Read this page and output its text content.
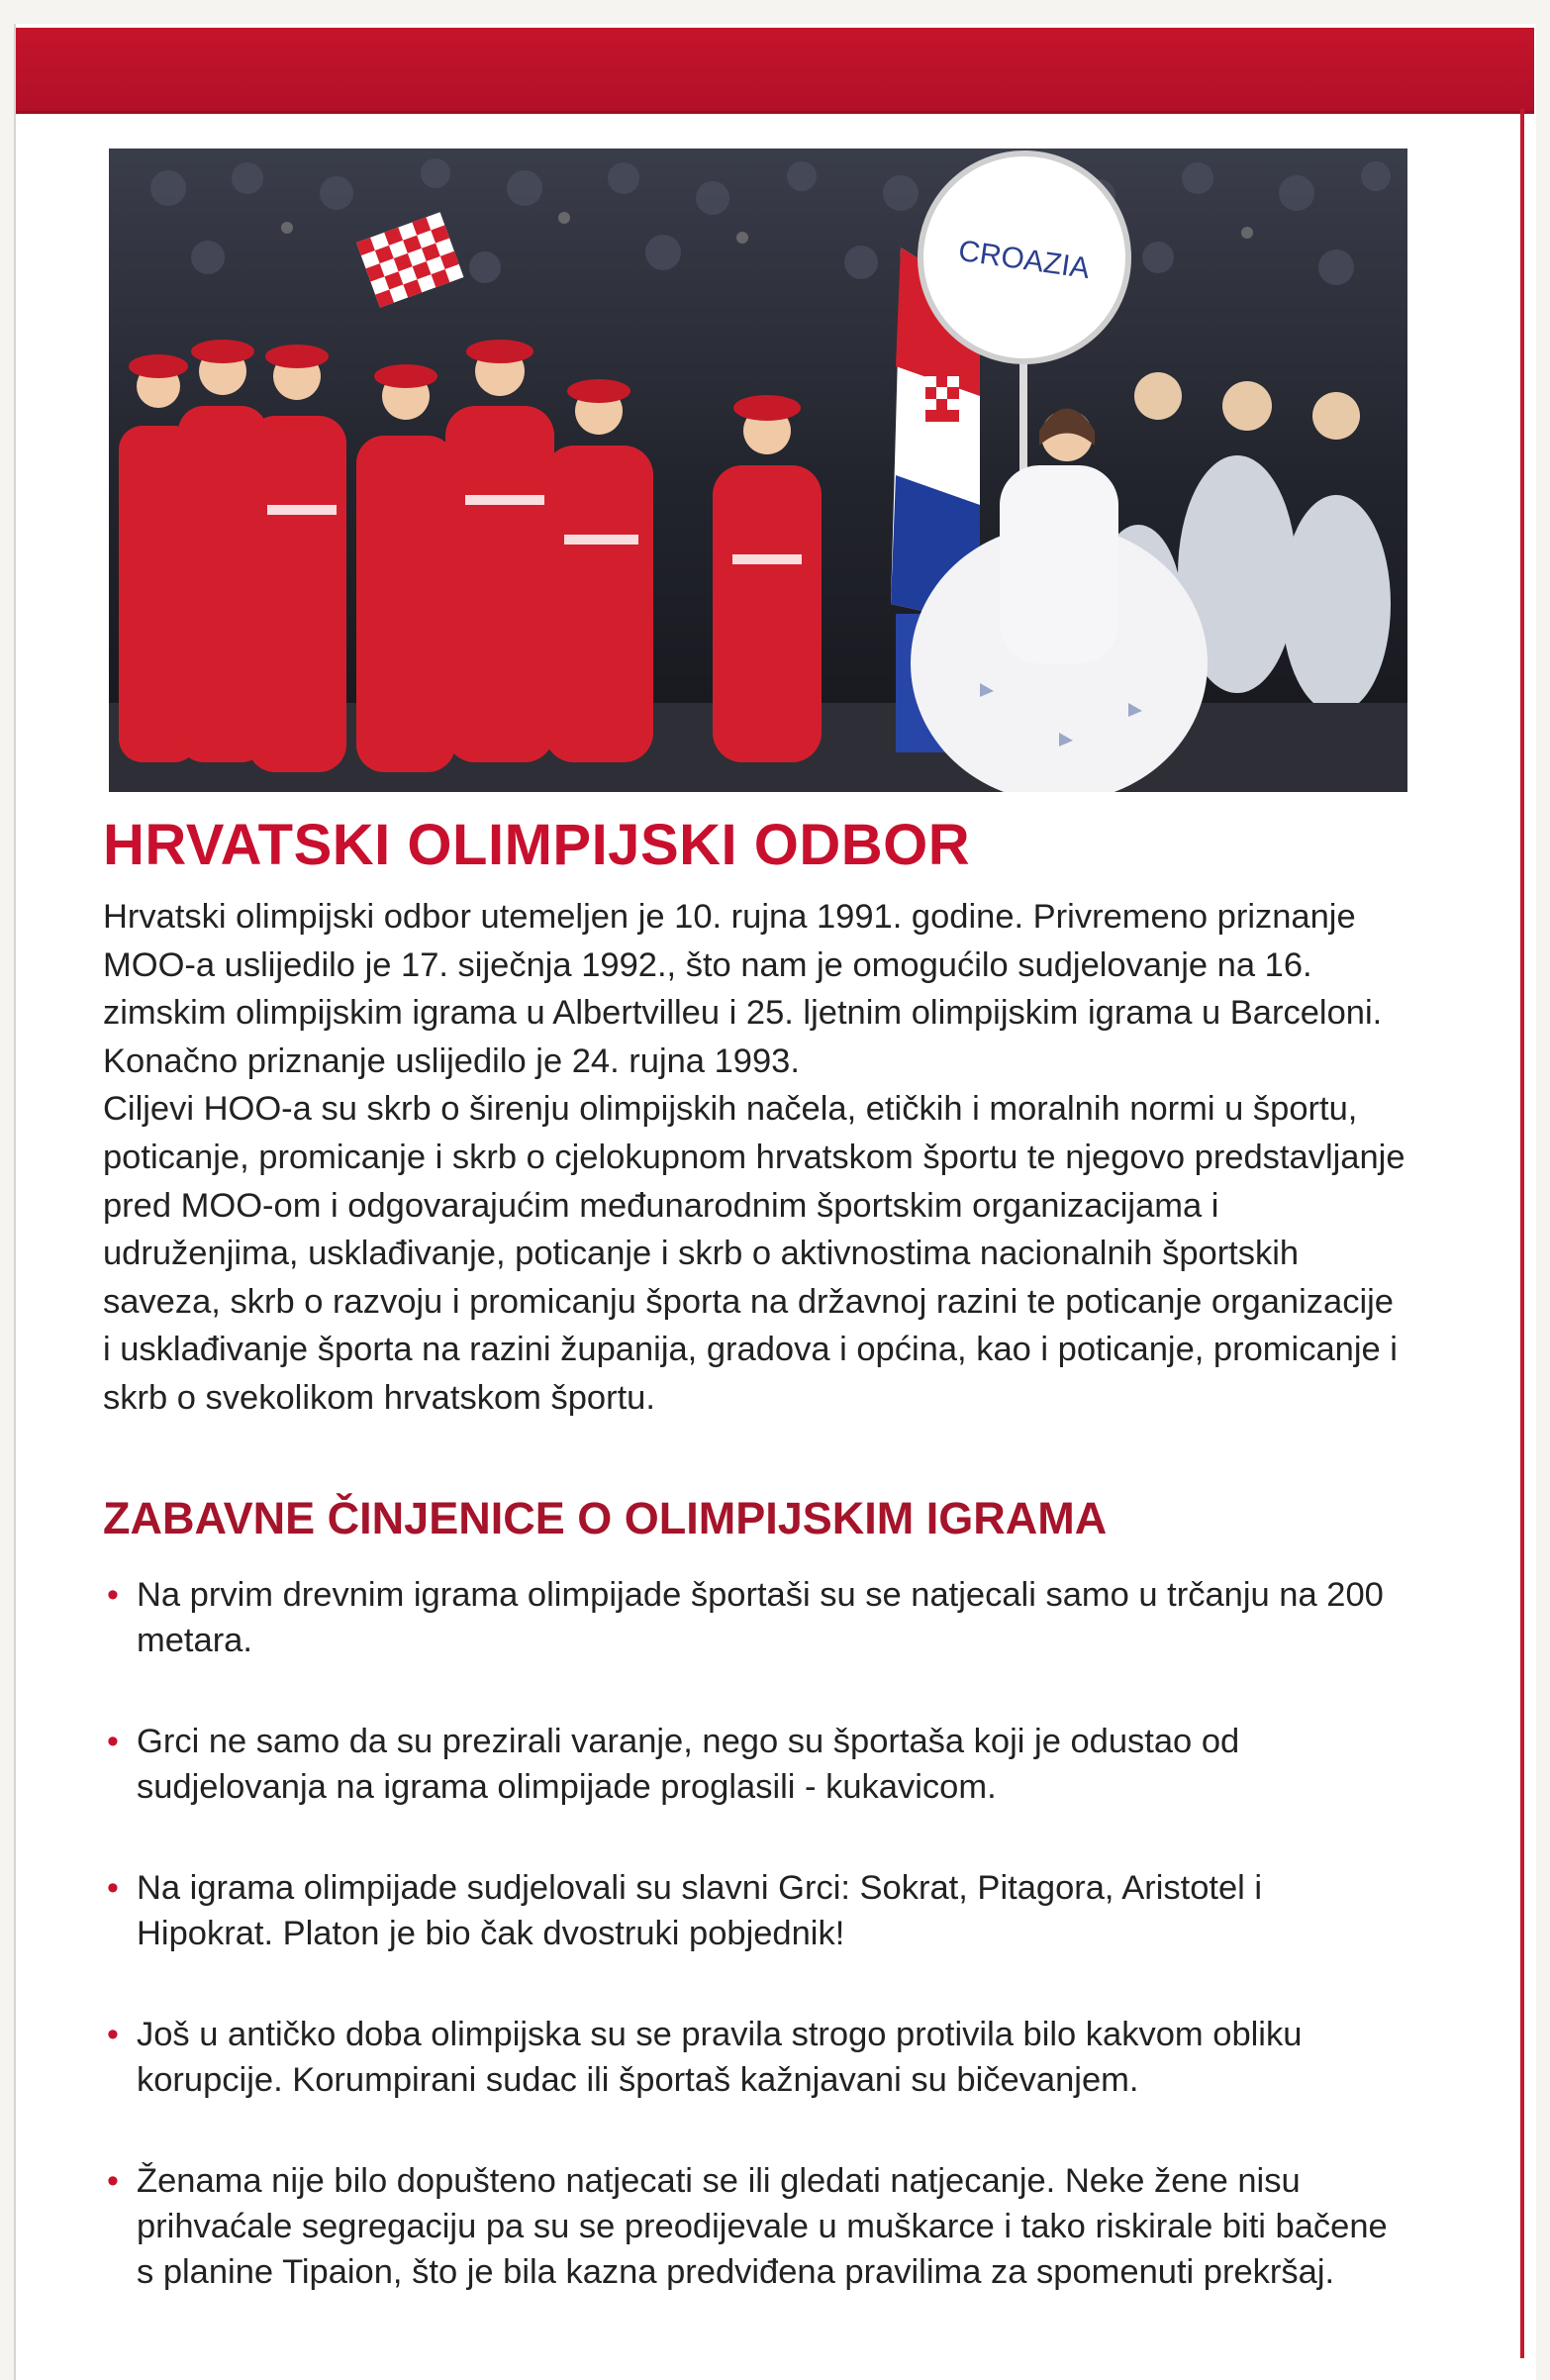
CROAZIA
HRVATSKI OLIMPIJSKI ODBOR

Hrvatski olimpijski odbor utemeljen je 10. rujna 1991. godine. Privremeno priznanje MOO-a uslijedilo je 17. siječnja 1992., što nam je omogućilo sudjelovanje na 16. zimskim olimpijskim igrama u Albertvilleu i 25. ljetnim olimpijskim igrama u Barceloni. Konačno priznanje uslijedilo je 24. rujna 1993.

Ciljevi HOO-a su skrb o širenju olimpijskih načela, etičkih i moralnih normi u športu, poticanje, promicanje i skrb o cjelokupnom hrvatskom športu te njegovo predstavljanje pred MOO-om i odgovarajućim međunarodnim športskim organizacijama i udruženjima, usklađivanje, poticanje i skrb o aktivnostima nacionalnih športskih saveza, skrb o razvoju i promicanju športa na državnoj razini te poticanje organizacije i usklađivanje športa na razini županija, gradova i općina, kao i poticanje, promicanje i skrb o svekolikom hrvatskom športu.

ZABAVNE ČINJENICE O OLIMPIJSKIM IGRAMA
• Na prvim drevnim igrama olimpijade športaši su se natjecali samo u trčanju na 200 metara.
• Grci ne samo da su prezirali varanje, nego su športaša koji je odustao od sudjelovanja na igrama olimpijade proglasili - kukavicom.
• Na igrama olimpijade sudjelovali su slavni Grci: Sokrat, Pitagora, Aristotel i Hipokrat. Platon je bio čak dvostruki pobjednik!
• Još u antičko doba olimpijska su se pravila strogo protivila bilo kakvom obliku korupcije. Korumpirani sudac ili športaš kažnjavani su bičevanjem.
• Ženama nije bilo dopušteno natjecati se ili gledati natjecanje. Neke žene nisu prihvaćale segregaciju pa su se preodijevale u muškarce i tako riskirale biti bačene s planine Tipaion, što je bila kazna predviđena pravilima za spomenuti prekršaj.
